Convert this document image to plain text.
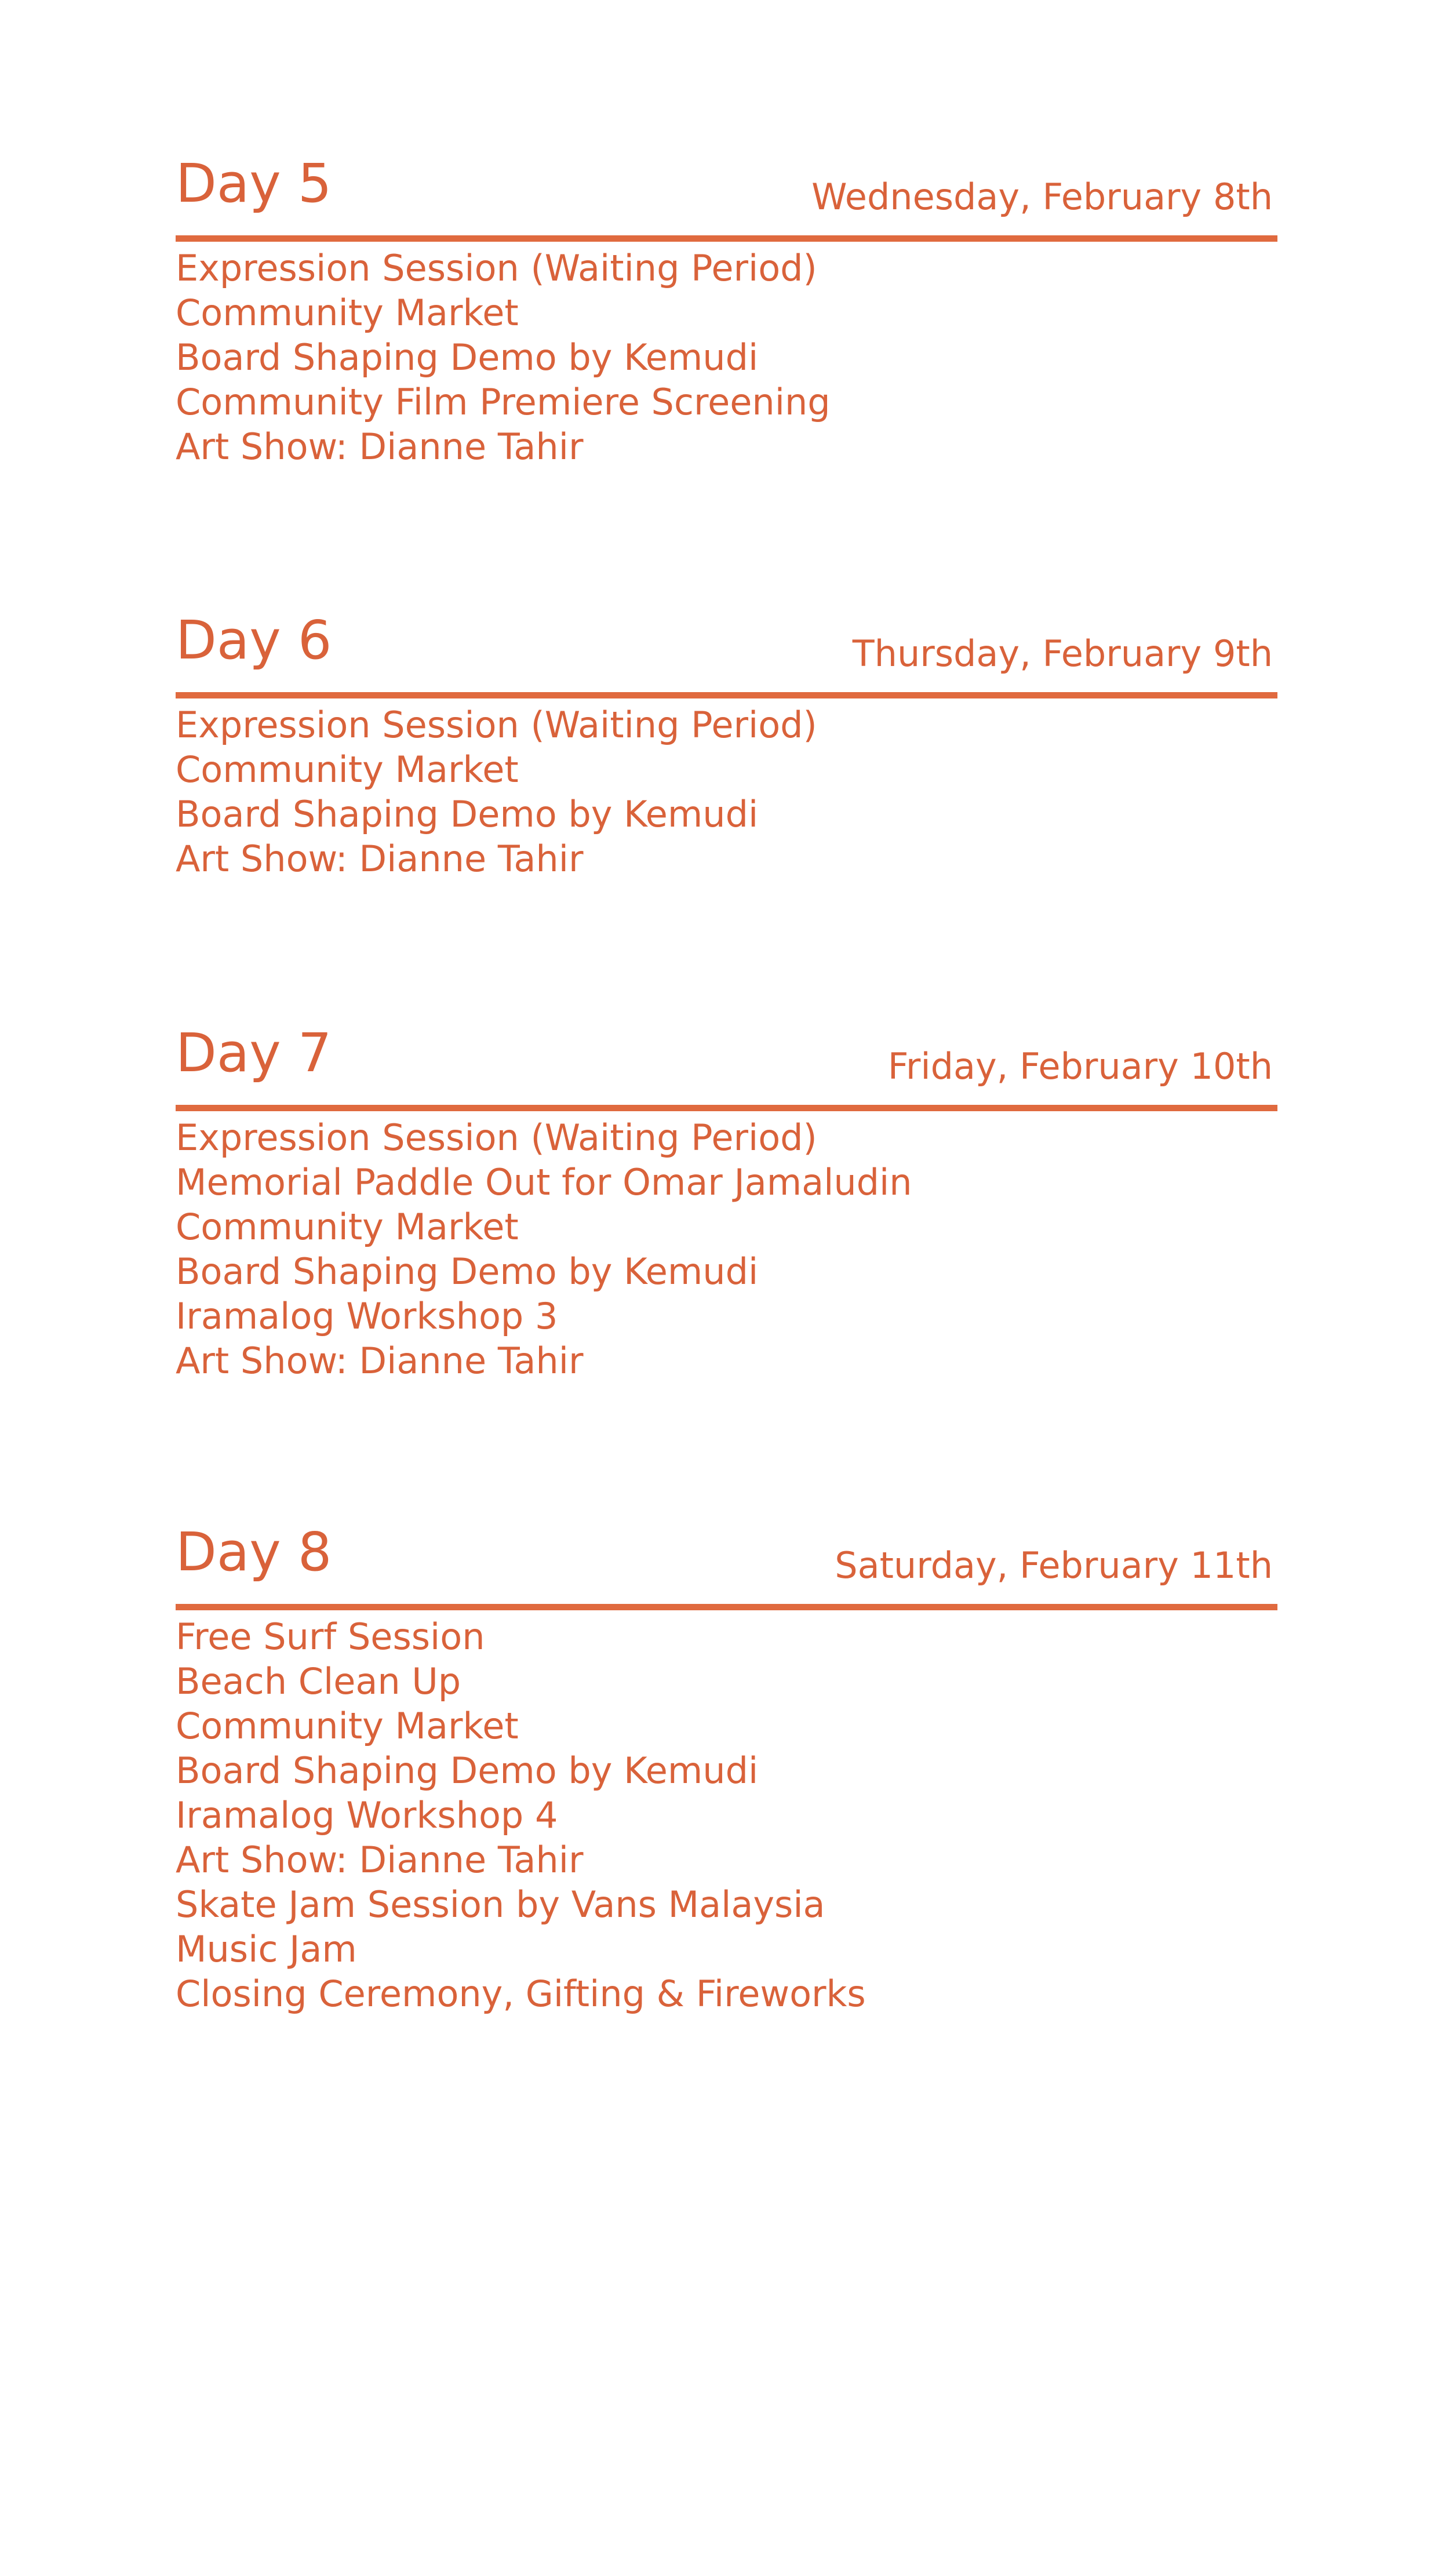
Day 5	Wednesday, February 8th
Expression Session (Waiting Period)
Community Market
Board Shaping Demo by Kemudi
Community Film Premiere Screening
Art Show: Dianne Tahir
Day 6	Thursday, February 9th
Expression Session (Waiting Period)
Community Market
Board Shaping Demo by Kemudi
Art Show: Dianne Tahir
Day 7	Friday, February 10th
Expression Session (Waiting Period)
Memorial Paddle Out for Omar Jamaludin
Community Market
Board Shaping Demo by Kemudi
Iramalog Workshop 3
Art Show: Dianne Tahir
Day 8	Saturday, February 11th
Free Surf Session
Beach Clean Up
Community Market
Board Shaping Demo by Kemudi
Iramalog Workshop 4
Art Show: Dianne Tahir
Skate Jam Session by Vans Malaysia
Music Jam
Closing Ceremony, Gifting & Fireworks
